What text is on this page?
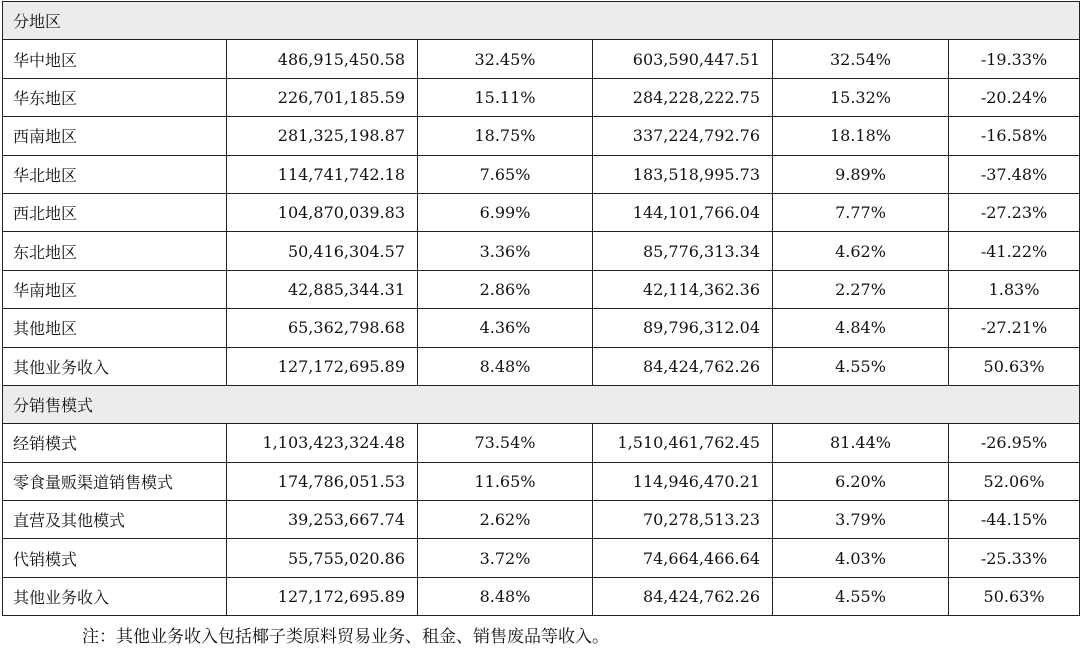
分地区					
华中地区	486,915,450.58	32.45%	603,590,447.51	32.54%	-19.33%
华东地区	226,701,185.59	15.11%	284,228,222.75	15.32%	-20.24%
西南地区	281,325,198.87	18.75%	337,224,792.76	18.18%	-16.58%
华北地区	114,741,742.18	7.65%	183,518,995.73	9.89%	-37.48%
西北地区	104,870,039.83	6.99%	144,101,766.04	7.77%	-27.23%
东北地区	50,416,304.57	3.36%	85,776,313.34	4.62%	-41.22%
华南地区	42,885,344.31	2.86%	42,114,362.36	2.27%	1.83%
其他地区	65,362,798.68	4.36%	89,796,312.04	4.84%	-27.21%
其他业务收入	127,172,695.89	8.48%	84,424,762.26	4.55%	50.63%
分销售模式					
经销模式	1,103,423,324.48	73.54%	1,510,461,762.45	81.44%	-26.95%
零食量贩渠道销售模式	174,786,051.53	11.65%	114,946,470.21	6.20%	52.06%
直营及其他模式	39,253,667.74	2.62%	70,278,513.23	3.79%	-44.15%
代销模式	55,755,020.86	3.72%	74,664,466.64	4.03%	-25.33%
其他业务收入	127,172,695.89	8.48%	84,424,762.26	4.55%	50.63%
注：其他业务收入包括椰子类原料贸易业务、租金、销售废品等收入。
